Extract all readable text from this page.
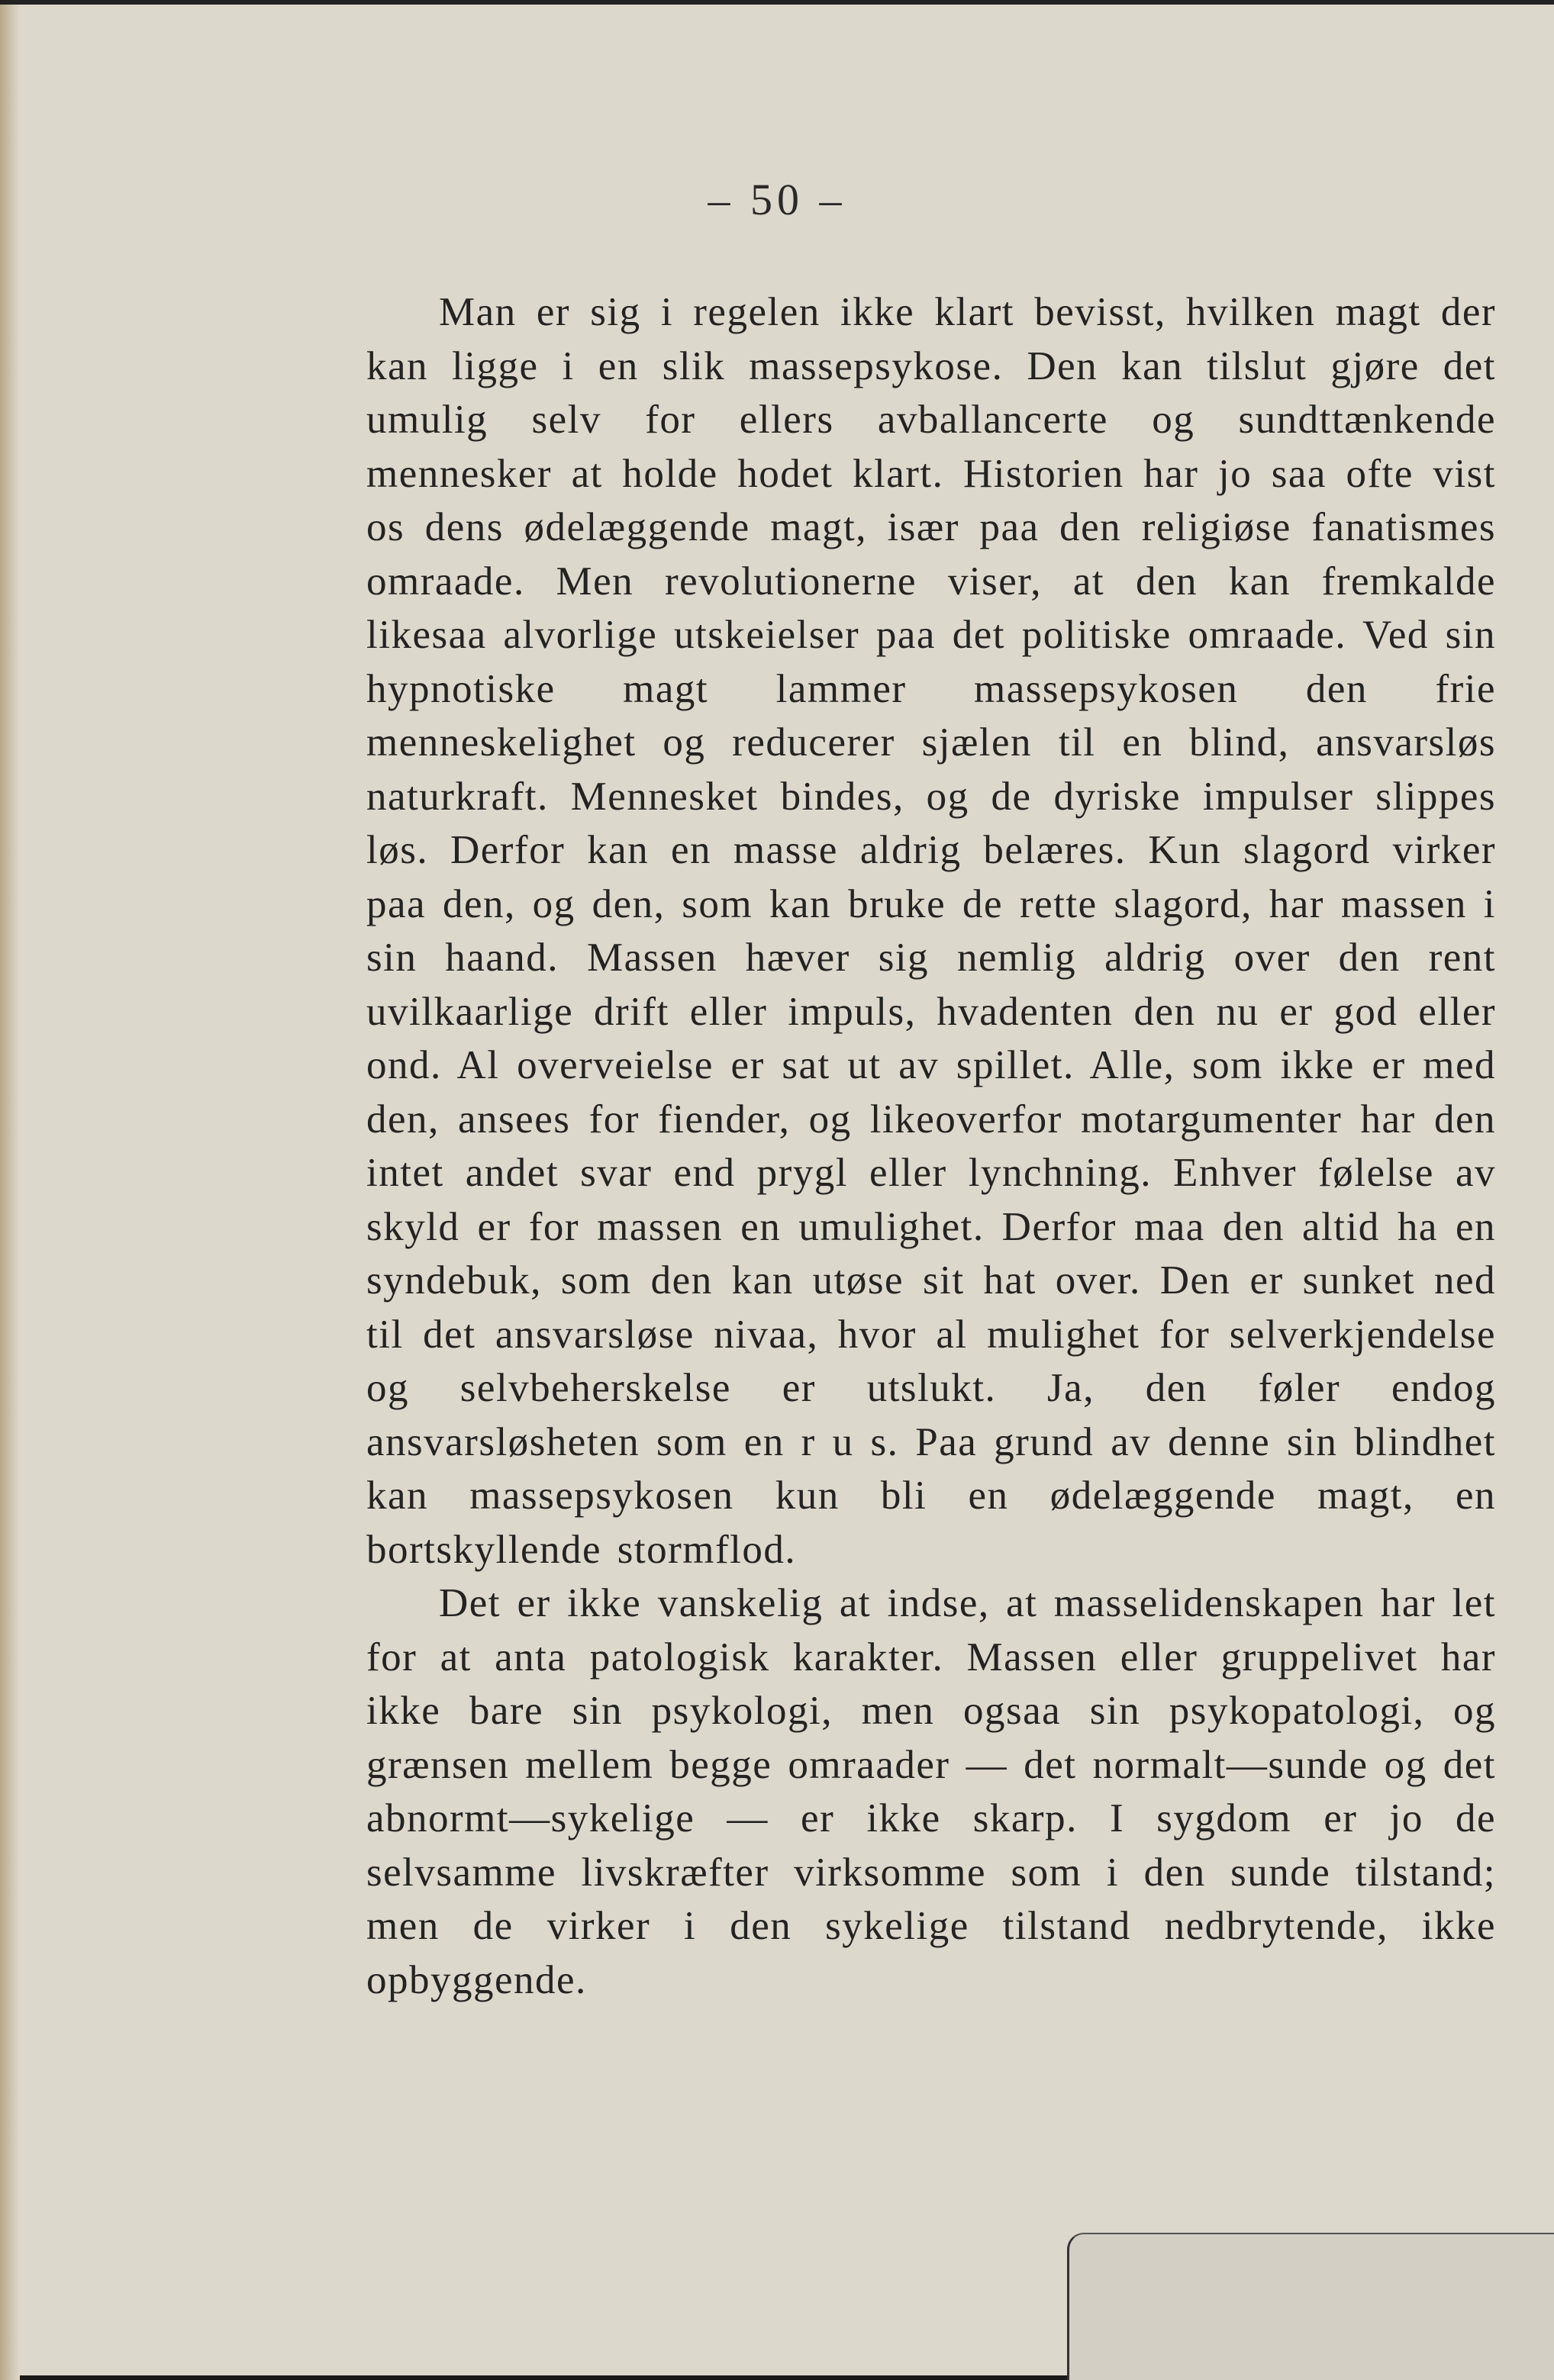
– 50 –

Man er sig i regelen ikke klart bevisst, hvilken magt der kan ligge i en slik massepsykose. Den kan tilslut gjøre det umulig selv for ellers avballancerte og sundttænkende mennesker at holde hodet klart. Historien har jo saa ofte vist os dens ødelæggende magt, især paa den religiøse fanatismes omraade. Men revolutionerne viser, at den kan fremkalde likesaa alvorlige utskeielser paa det politiske omraade. Ved sin hypnotiske magt lammer massepsykosen den frie menneskelighet og reducerer sjælen til en blind, ansvarsløs naturkraft. Mennesket bindes, og de dyriske impulser slippes løs. Derfor kan en masse aldrig belæres. Kun slagord virker paa den, og den, som kan bruke de rette slagord, har massen i sin haand. Massen hæver sig nemlig aldrig over den rent uvilkaarlige drift eller impuls, hvadenten den nu er god eller ond. Al overveielse er sat ut av spillet. Alle, som ikke er med den, ansees for fiender, og likeoverfor motargumenter har den intet andet svar end prygl eller lynchning. Enhver følelse av skyld er for massen en umulighet. Derfor maa den altid ha en syndebuk, som den kan utøse sit hat over. Den er sunket ned til det ansvarsløse nivaa, hvor al mulighet for selverkjendelse og selvbeherskelse er utslukt. Ja, den føler endog ansvarsløsheten som en r u s. Paa grund av denne sin blindhet kan massepsykosen kun bli en ødelæggende magt, en bortskyllende stormflod.

Det er ikke vanskelig at indse, at masselidenskapen har let for at anta patologisk karakter. Massen eller gruppelivet har ikke bare sin psykologi, men ogsaa sin psykopatologi, og grænsen mellem begge omraader — det normalt—sunde og det abnormt—sykelige — er ikke skarp. I sygdom er jo de selvsamme livskræfter virksomme som i den sunde tilstand; men de virker i den sykelige tilstand nedbrytende, ikke opbyggende.
